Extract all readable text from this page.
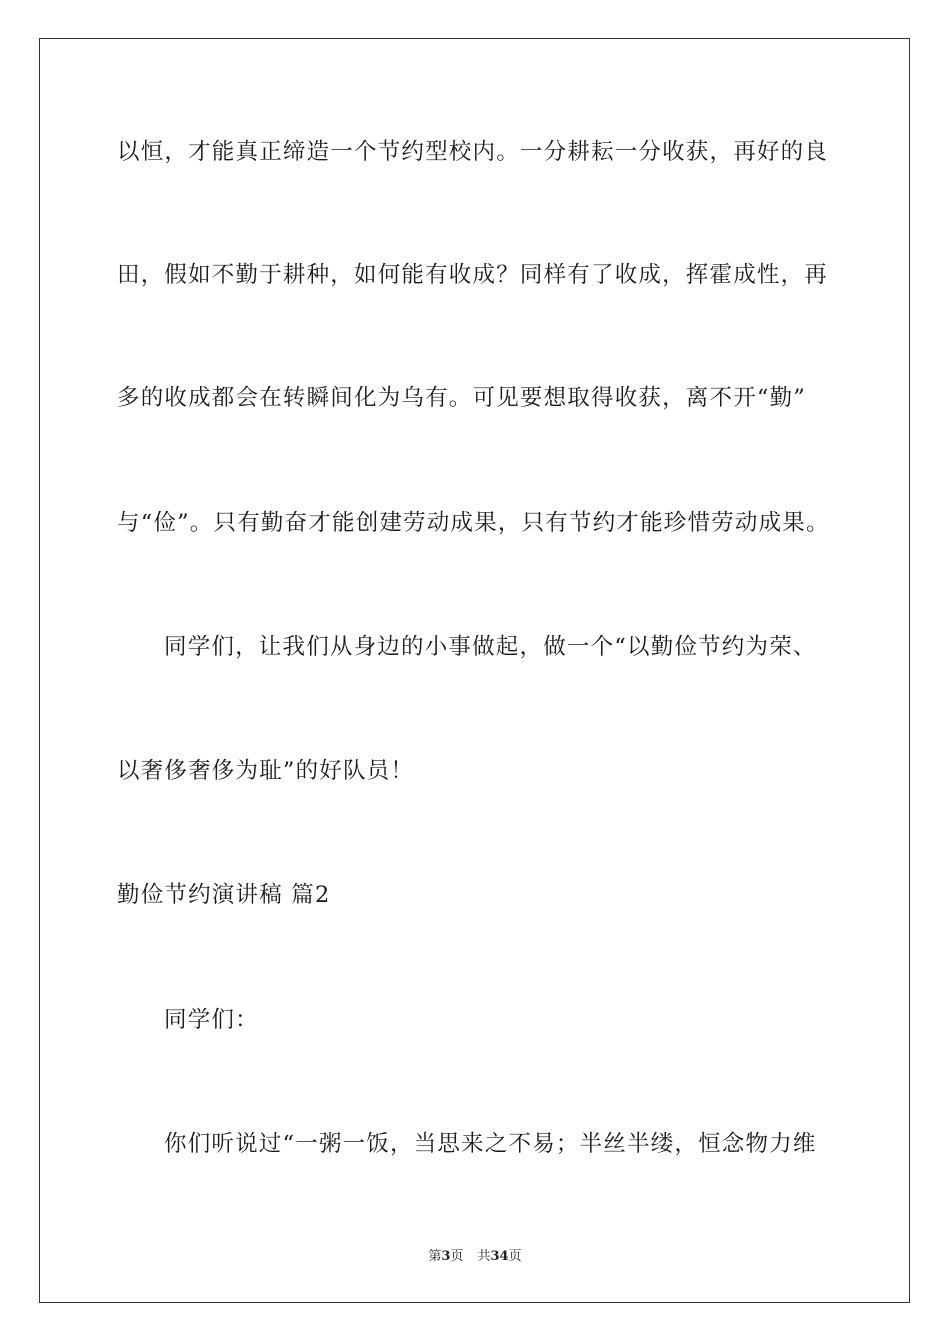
以恒，才能真正缔造一个节约型校内。一分耕耘一分收获，再好的良
田，假如不勤于耕种，如何能有收成？同样有了收成，挥霍成性，再
多的收成都会在转瞬间化为乌有。可见要想取得收获，离不开“勤”
与“俭”。只有勤奋才能创建劳动成果，只有节约才能珍惜劳动成果。
同学们，让我们从身边的小事做起，做一个“以勤俭节约为荣、
以奢侈奢侈为耻”的好队员！
勤俭节约演讲稿 篇2
同学们：
你们听说过“一粥一饭，当思来之不易；半丝半缕，恒念物力维
第3页 共34页
